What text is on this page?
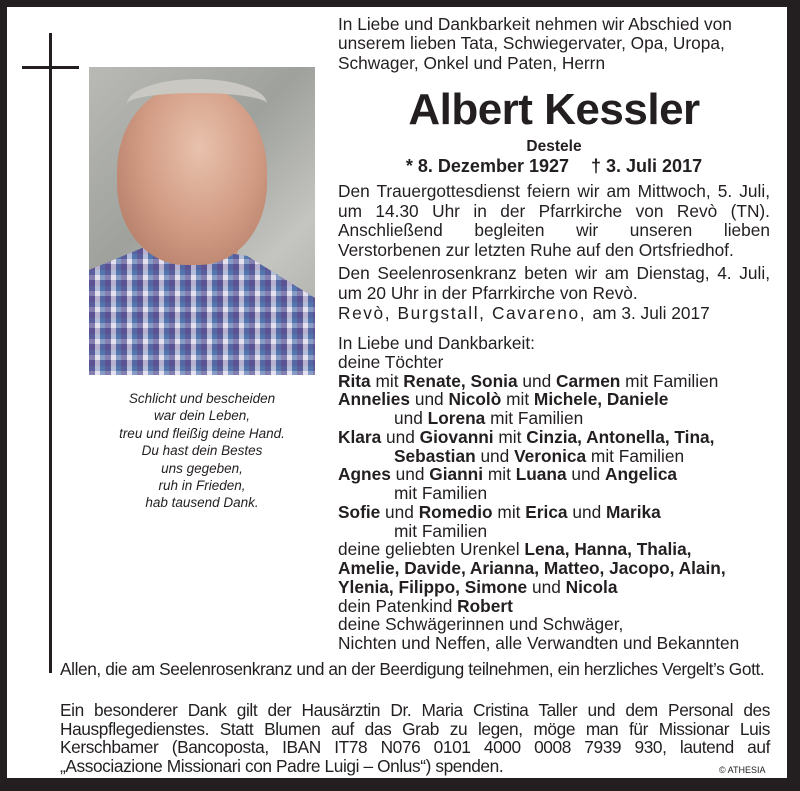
Schlicht und bescheiden
war dein Leben,
treu und fleißig deine Hand.
Du hast dein Bestes
uns gegeben,
ruh in Frieden,
hab tausend Dank.
In Liebe und Dankbarkeit nehmen wir Abschied von unserem lieben Tata, Schwiegervater, Opa, Uropa, Schwager, Onkel und Paten, Herrn
Albert Kessler
Destele
* 8. Dezember 1927 † 3. Juli 2017
Den Trauergottesdienst feiern wir am Mittwoch, 5. Juli, um 14.30 Uhr in der Pfarrkirche von Revò (TN). Anschließend begleiten wir unseren lieben Verstorbenen zur letzten Ruhe auf den Ortsfriedhof.
Den Seelenrosenkranz beten wir am Dienstag, 4. Juli, um 20 Uhr in der Pfarrkirche von Revò.
Revò, Burgstall, Cavareno, am 3. Juli 2017
In Liebe und Dankbarkeit:
deine Töchter
Rita mit Renate, Sonia und Carmen mit Familien
Annelies und Nicolò mit Michele, Daniele
und Lorena mit Familien
Klara und Giovanni mit Cinzia, Antonella, Tina,
Sebastian und Veronica mit Familien
Agnes und Gianni mit Luana und Angelica
mit Familien
Sofie und Romedio mit Erica und Marika
mit Familien
deine geliebten Urenkel Lena, Hanna, Thalia,
Amelie, Davide, Arianna, Matteo, Jacopo, Alain,
Ylenia, Filippo, Simone und Nicola
dein Patenkind Robert
deine Schwägerinnen und Schwäger,
Nichten und Neffen, alle Verwandten und Bekannten
Allen, die am Seelenrosenkranz und an der Beerdigung teilnehmen, ein herzliches Vergelt’s Gott.
Ein besonderer Dank gilt der Hausärztin Dr. Maria Cristina Taller und dem Personal des Hauspflegedienstes. Statt Blumen auf das Grab zu legen, möge man für Missionar Luis Kerschbamer (Bancoposta, IBAN IT78 N076 0101 4000 0008 7939 930, lautend auf „Associazione Missionari con Padre Luigi – Onlus“) spenden.	© ATHESIA
